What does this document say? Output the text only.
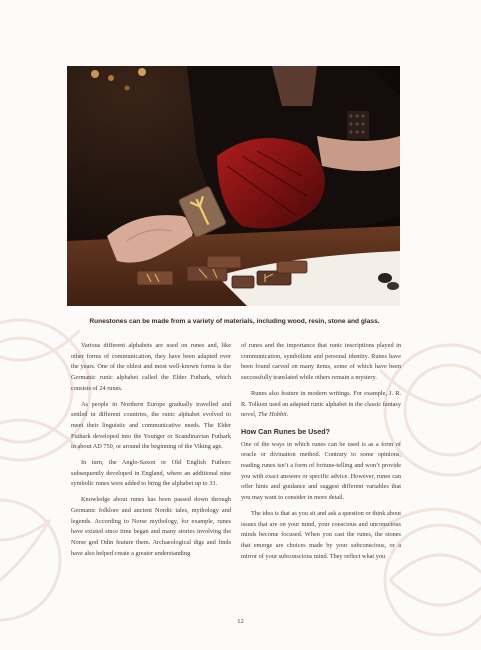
Runestones can be made from a variety of materials, including wood, resin, stone and glass.

Various different alphabets are used on runes and, like other forms of communication, they have been adapted over the years. One of the oldest and most well-known forms is the Germanic runic alphabet called the Elder Futhark, which consists of 24 runes.

As people in Northern Europe gradually travelled and settled in different countries, the runic alphabet evolved to meet their linguistic and communicative needs. The Elder Futhark developed into the Younger or Scandinavian Futhark in about AD 750, or around the beginning of the Viking age.

In turn, the Anglo-Saxon or Old English Futhorc subsequently developed in England, where an additional nine symbolic runes were added to bring the alphabet up to 33.

Knowledge about runes has been passed down through Germanic folklore and ancient Nordic tales, mythology and legends. According to Norse mythology, for example, runes have existed since time began and many stories involving the Norse god Odin feature them. Archaeological digs and finds have also helped create a greater understanding

of runes and the importance that runic inscriptions played in communication, symbolism and personal identity. Runes have been found carved on many items, some of which have been successfully translated while others remain a mystery.

Runes also feature in modern writings. For example, J. R. R. Tolkien used an adapted runic alphabet in the classic fantasy novel, The Hobbit.

How Can Runes be Used?

One of the ways in which runes can be used is as a form of oracle or divination method. Contrary to some opinions, reading runes isn’t a form of fortune-telling and won’t provide you with exact answers or specific advice. However, runes can offer hints and guidance and suggest different variables that you may want to consider in more detail.

The idea is that as you sit and ask a question or think about issues that are on your mind, your conscious and unconscious minds become focused. When you cast the runes, the stones that emerge are choices made by your subconscious, or a mirror of your subconscious mind. They reflect what you

12
